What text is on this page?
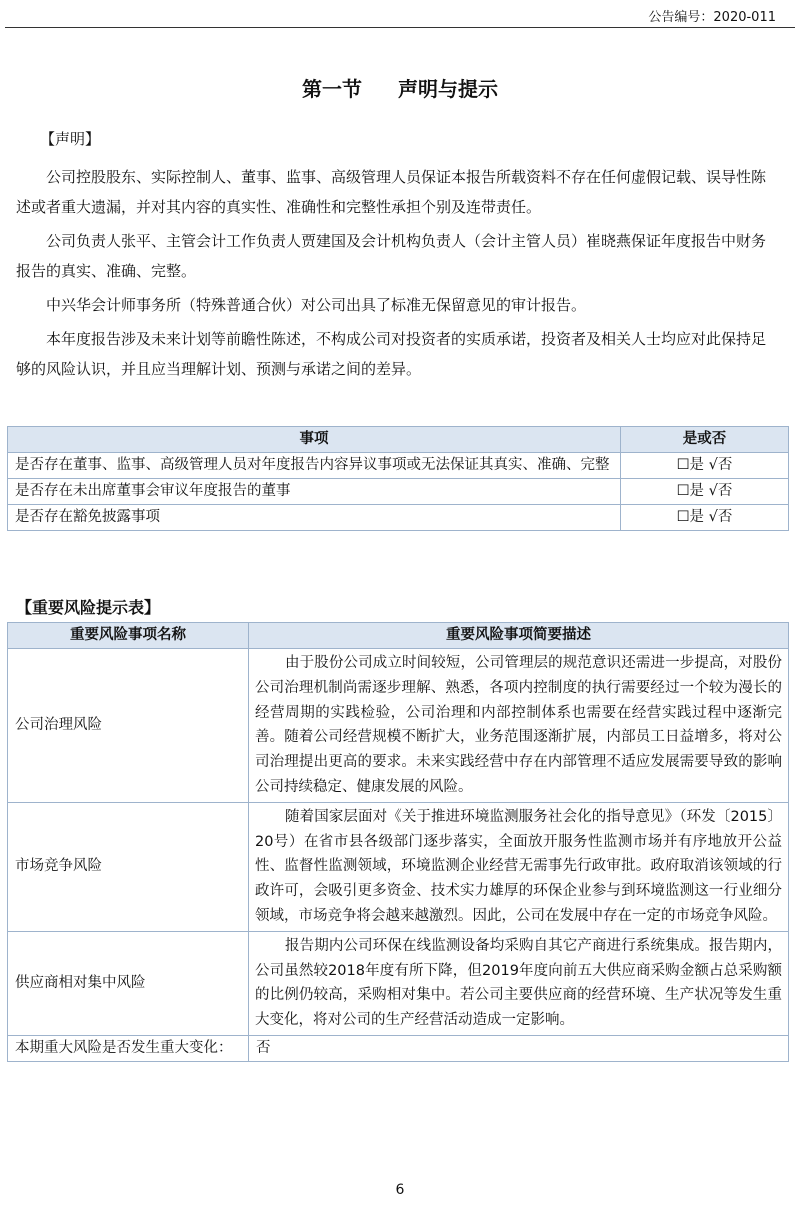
公告编号：2020-011
第一节 声明与提示
【声明】

公司控股股东、实际控制人、董事、监事、高级管理人员保证本报告所载资料不存在任何虚假记载、误导性陈述或者重大遗漏，并对其内容的真实性、准确性和完整性承担个别及连带责任。

公司负责人张平、主管会计工作负责人贾建国及会计机构负责人（会计主管人员）崔晓燕保证年度报告中财务报告的真实、准确、完整。

中兴华会计师事务所（特殊普通合伙）对公司出具了标准无保留意见的审计报告。

本年度报告涉及未来计划等前瞻性陈述，不构成公司对投资者的实质承诺，投资者及相关人士均应对此保持足够的风险认识，并且应当理解计划、预测与承诺之间的差异。

事项	是或否
是否存在董事、监事、高级管理人员对年度报告内容异议事项或无法保证其真实、准确、完整	☐是 √否
是否存在未出席董事会审议年度报告的董事	☐是 √否
是否存在豁免披露事项	☐是 √否
【重要风险提示表】
重要风险事项名称	重要风险事项简要描述
公司治理风险	由于股份公司成立时间较短，公司管理层的规范意识还需进一步提高，对股份公司治理机制尚需逐步理解、熟悉，各项内控制度的执行需要经过一个较为漫长的经营周期的实践检验，公司治理和内部控制体系也需要在经营实践过程中逐渐完善。随着公司经营规模不断扩大，业务范围逐渐扩展，内部员工日益增多，将对公司治理提出更高的要求。未来实践经营中存在内部管理不适应发展需要导致的影响公司持续稳定、健康发展的风险。

市场竞争风险	随着国家层面对《关于推进环境监测服务社会化的指导意见》（环发〔2015〕20号）在省市县各级部门逐步落实，全面放开服务性监测市场并有序地放开公益性、监督性监测领域，环境监测企业经营无需事先行政审批。政府取消该领域的行政许可，会吸引更多资金、技术实力雄厚的环保企业参与到环境监测这一行业细分领域，市场竞争将会越来越激烈。因此，公司在发展中存在一定的市场竞争风险。

供应商相对集中风险	报告期内公司环保在线监测设备均采购自其它产商进行系统集成。报告期内，公司虽然较2018年度有所下降，但2019年度向前五大供应商采购金额占总采购额的比例仍较高，采购相对集中。若公司主要供应商的经营环境、生产状况等发生重大变化，将对公司的生产经营活动造成一定影响。

本期重大风险是否发生重大变化：	否
6
